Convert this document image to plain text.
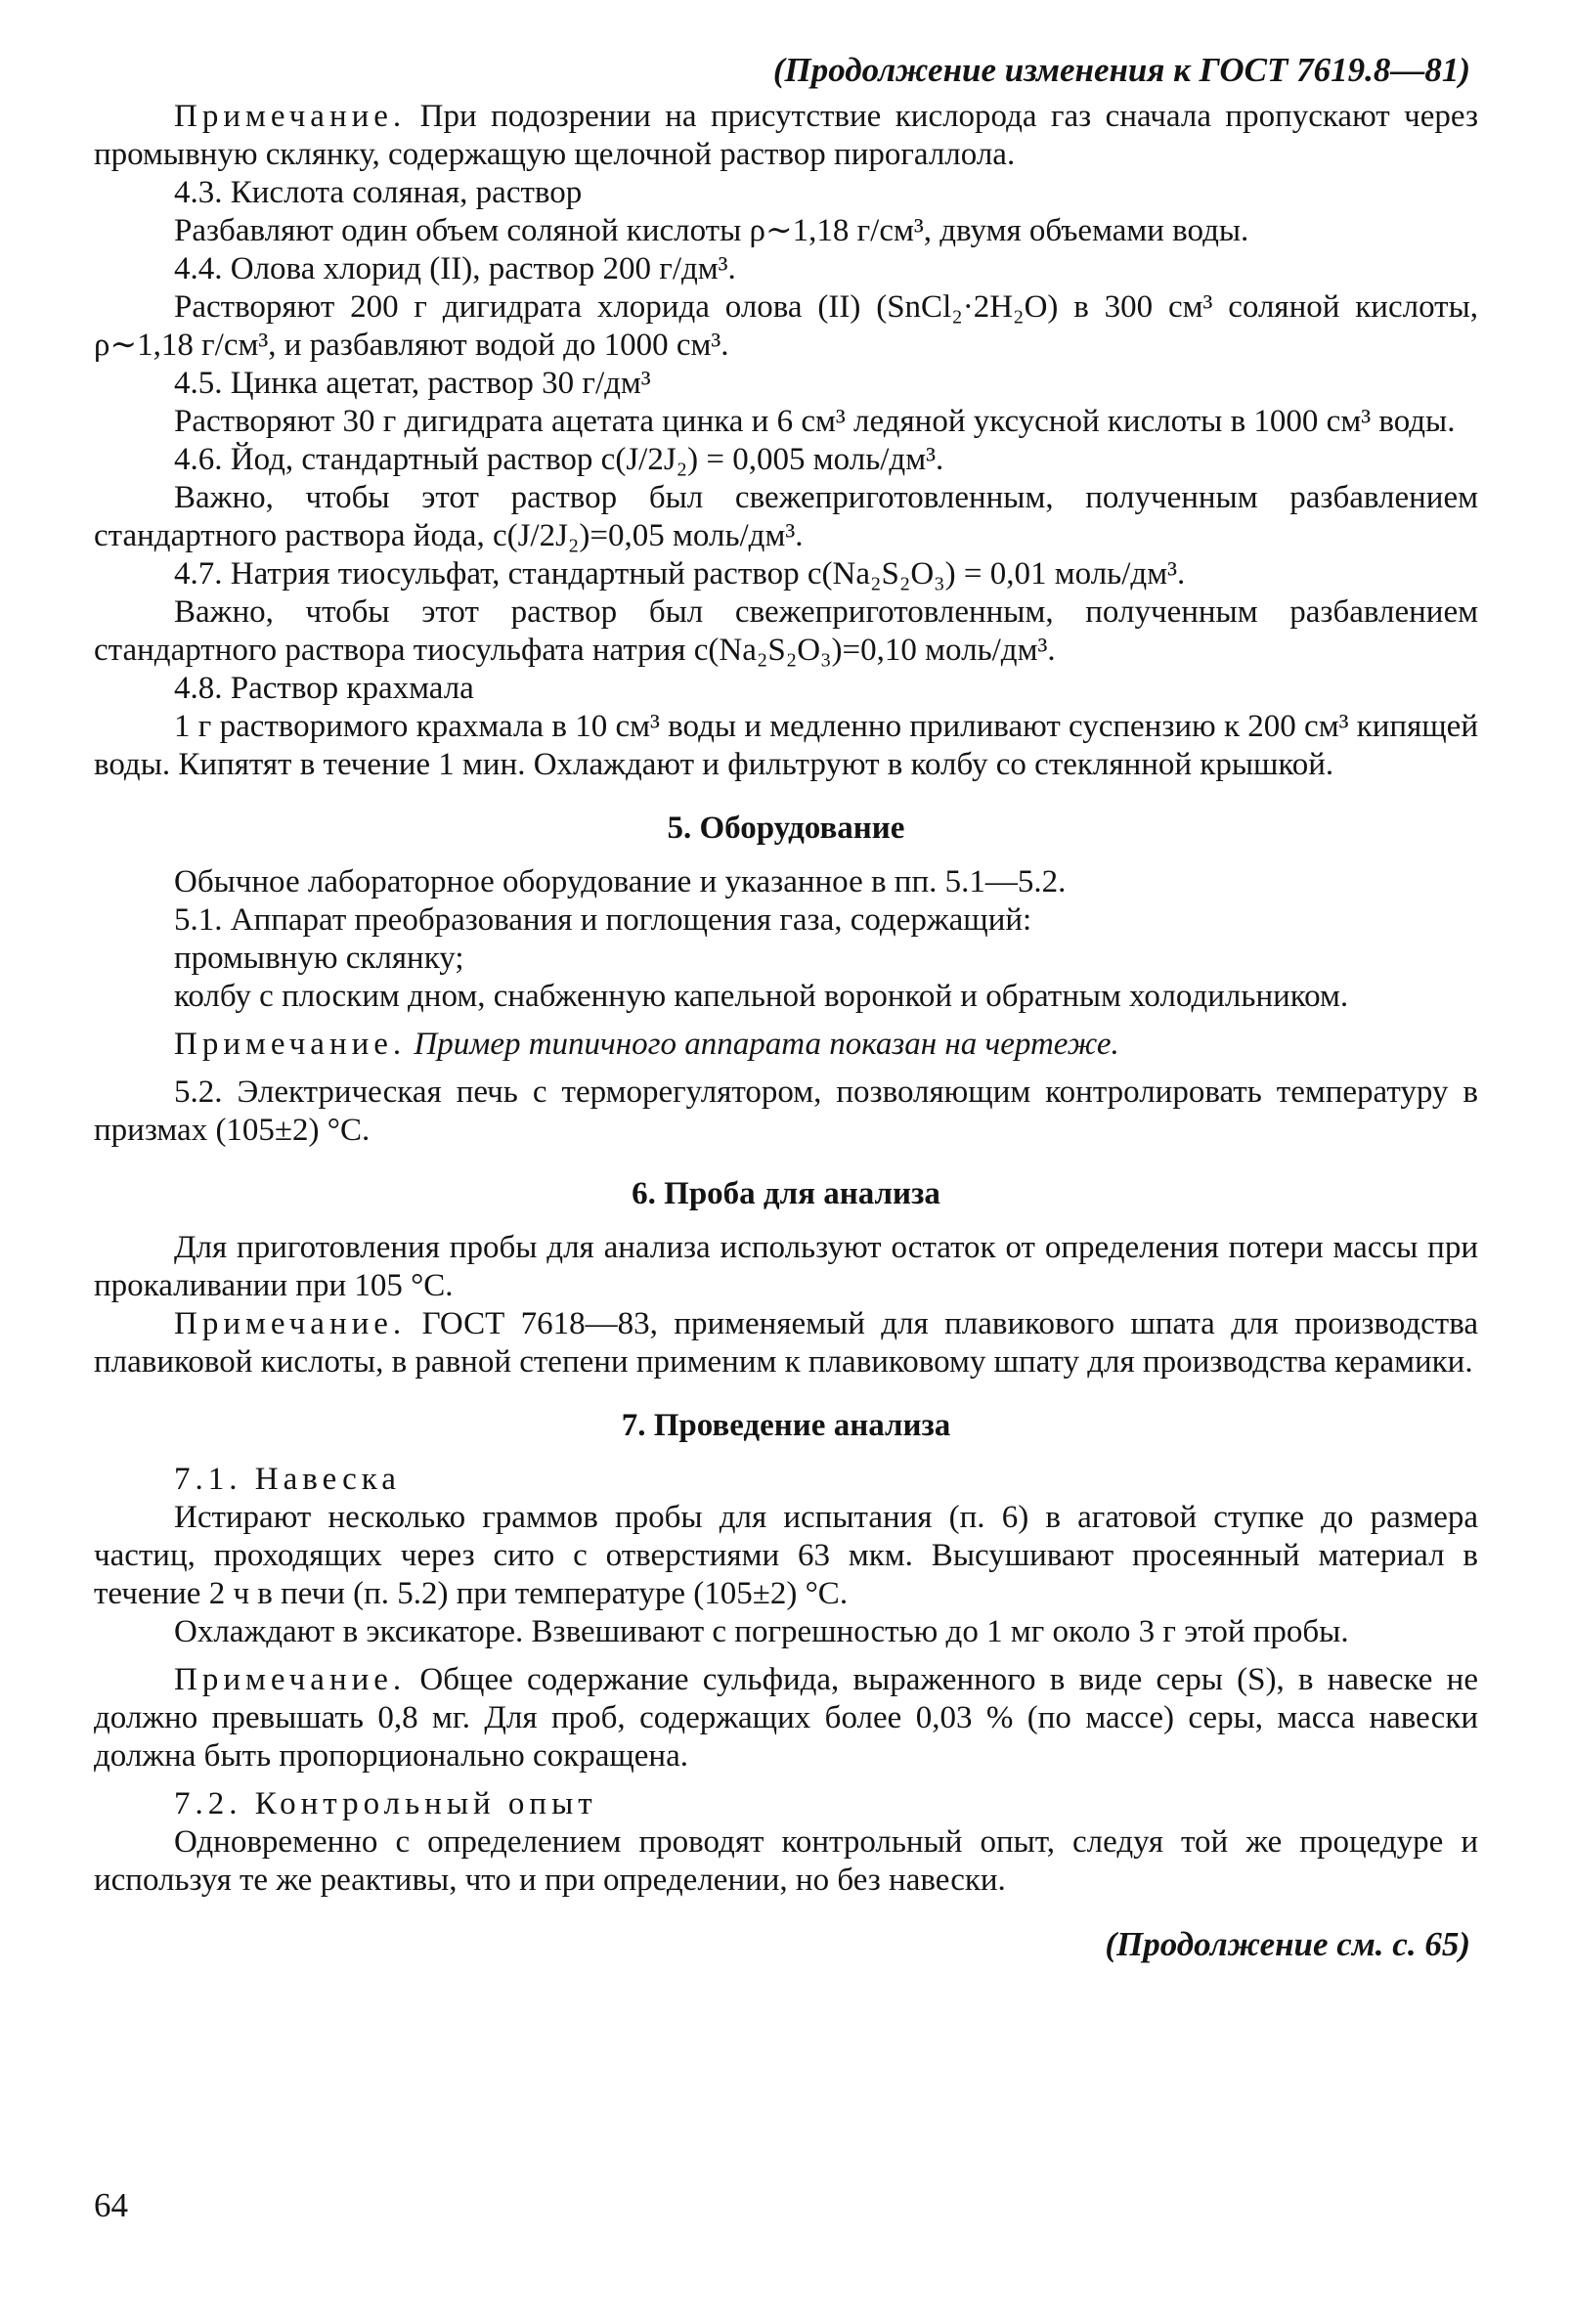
(Продолжение изменения к ГОСТ 7619.8—81)

Примечание. При подозрении на присутствие кислорода газ сначала пропускают через промывную склянку, содержащую щелочной раствор пирогаллола.

4.3. Кислота соляная, раствор

Разбавляют один объем соляной кислоты ρ∼1,18 г/см³, двумя объемами воды.

4.4. Олова хлорид (II), раствор 200 г/дм³.

Растворяют 200 г дигидрата хлорида олова (II) (SnCl₂·2H₂O) в 300 см³ соляной кислоты, ρ∼1,18 г/см³, и разбавляют водой до 1000 см³.

4.5. Цинка ацетат, раствор 30 г/дм³

Растворяют 30 г дигидрата ацетата цинка и 6 см³ ледяной уксусной кислоты в 1000 см³ воды.

4.6. Йод, стандартный раствор c(J/2J₂) = 0,005 моль/дм³.

Важно, чтобы этот раствор был свежеприготовленным, полученным разбавлением стандартного раствора йода, c(J/2J₂)=0,05 моль/дм³.

4.7. Натрия тиосульфат, стандартный раствор c(Na₂S₂O₃) = 0,01 моль/дм³.

Важно, чтобы этот раствор был свежеприготовленным, полученным разбавлением стандартного раствора тиосульфата натрия c(Na₂S₂O₃)=0,10 моль/дм³.

4.8. Раствор крахмала

1 г растворимого крахмала в 10 см³ воды и медленно приливают суспензию к 200 см³ кипящей воды. Кипятят в течение 1 мин. Охлаждают и фильтруют в колбу со стеклянной крышкой.

5. Оборудование

Обычное лабораторное оборудование и указанное в пп. 5.1—5.2.

5.1. Аппарат преобразования и поглощения газа, содержащий:

промывную склянку;

колбу с плоским дном, снабженную капельной воронкой и обратным холодильником.

Примечание. Пример типичного аппарата показан на чертеже.

5.2. Электрическая печь с терморегулятором, позволяющим контролировать температуру в призмах (105±2) °С.

6. Проба для анализа

Для приготовления пробы для анализа используют остаток от определения потери массы при прокаливании при 105 °С.

Примечание. ГОСТ 7618—83, применяемый для плавикового шпата для производства плавиковой кислоты, в равной степени применим к плавиковому шпату для производства керамики.

7. Проведение анализа

7.1. Навеска

Истирают несколько граммов пробы для испытания (п. 6) в агатовой ступке до размера частиц, проходящих через сито с отверстиями 63 мкм. Высушивают просеянный материал в течение 2 ч в печи (п. 5.2) при температуре (105±2) °С.

Охлаждают в эксикаторе. Взвешивают с погрешностью до 1 мг около 3 г этой пробы.

Примечание. Общее содержание сульфида, выраженного в виде серы (S), в навеске не должно превышать 0,8 мг. Для проб, содержащих более 0,03 % (по массе) серы, масса навески должна быть пропорционально сокращена.

7.2. Контрольный опыт

Одновременно с определением проводят контрольный опыт, следуя той же процедуре и используя те же реактивы, что и при определении, но без навески.

(Продолжение см. с. 65)
64
